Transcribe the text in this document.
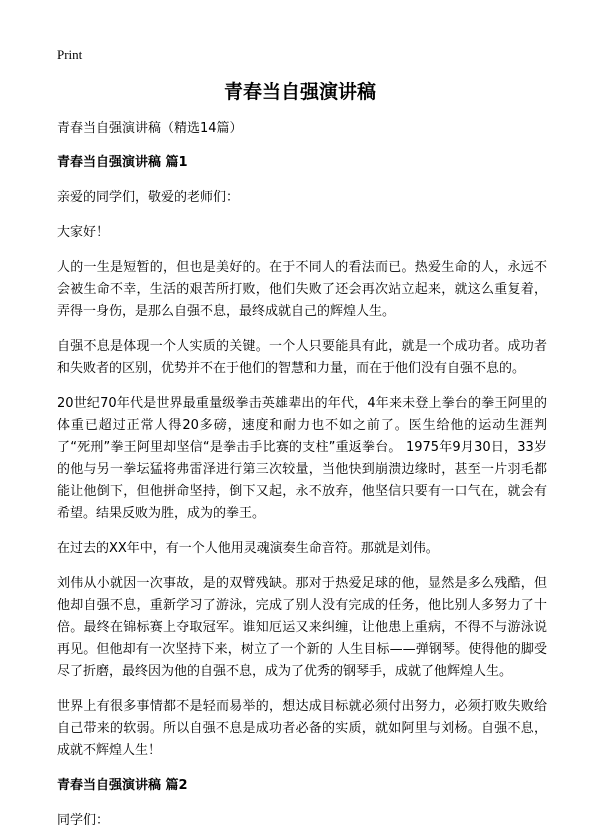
Print
青春当自强演讲稿

青春当自强演讲稿（精选14篇）

青春当自强演讲稿 篇1

亲爱的同学们，敬爱的老师们：

大家好！

人的一生是短暂的，但也是美好的。在于不同人的看法而已。热爱生命的人，永远不会被生命不幸，生活的艰苦所打败，他们失败了还会再次站立起来，就这么重复着，弄得一身伤，是那么自强不息，最终成就自己的辉煌人生。

自强不息是体现一个人实质的关键。一个人只要能具有此，就是一个成功者。成功者和失败者的区别，优势并不在于他们的智慧和力量，而在于他们没有自强不息的。

20世纪70年代是世界最重量级拳击英雄辈出的年代，4年来未登上拳台的拳王阿里的体重已超过正常人得20多磅，速度和耐力也不如之前了。医生给他的运动生涯判了“死刑”拳王阿里却坚信“是拳击手比赛的支柱”重返拳台。 1975年9月30日，33岁的他与另一拳坛猛将弗雷泽进行第三次较量，当他快到崩溃边缘时，甚至一片羽毛都能让他倒下，但他拼命坚持，倒下又起，永不放弃，他坚信只要有一口气在，就会有希望。结果反败为胜，成为的拳王。

在过去的XX年中，有一个人他用灵魂演奏生命音符。那就是刘伟。

刘伟从小就因一次事故，是的双臂残缺。那对于热爱足球的他，显然是多么残酷，但他却自强不息，重新学习了游泳，完成了别人没有完成的任务，他比别人多努力了十倍。最终在锦标赛上夺取冠军。谁知厄运又来纠缠，让他患上重病，不得不与游泳说再见。但他却有一次坚持下来，树立了一个新的 人生目标——弹钢琴。使得他的脚受尽了折磨，最终因为他的自强不息，成为了优秀的钢琴手，成就了他辉煌人生。

世界上有很多事情都不是轻而易举的，想达成目标就必须付出努力，必须打败失败给自己带来的软弱。所以自强不息是成功者必备的实质，就如阿里与刘杨。自强不息，成就不辉煌人生！

青春当自强演讲稿 篇2

同学们：
